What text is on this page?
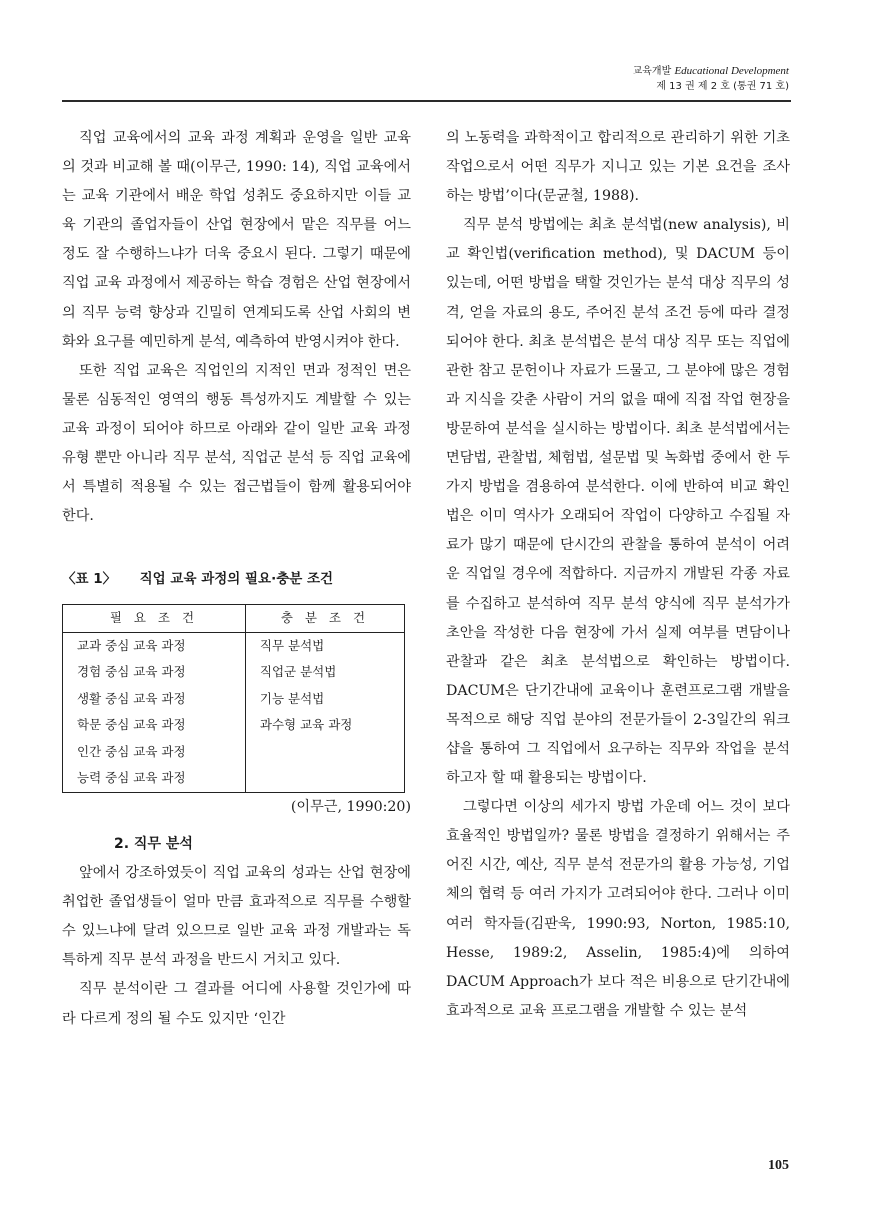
교육개발 Educational Development
제 13 권 제 2 호 (통권 71 호)

직업 교육에서의 교육 과정 계획과 운영을 일반 교육의 것과 비교해 볼 때(이무근, 1990: 14), 직업 교육에서는 교육 기관에서 배운 학업 성취도 중요하지만 이들 교육 기관의 졸업자들이 산업 현장에서 맡은 직무를 어느 정도 잘 수행하느냐가 더욱 중요시 된다. 그렇기 때문에 직업 교육 과정에서 제공하는 학습 경험은 산업 현장에서의 직무 능력 향상과 긴밀히 연계되도록 산업 사회의 변화와 요구를 예민하게 분석, 예측하여 반영시켜야 한다.

또한 직업 교육은 직업인의 지적인 면과 정적인 면은 물론 심동적인 영역의 행동 특성까지도 계발할 수 있는 교육 과정이 되어야 하므로 아래와 같이 일반 교육 과정 유형 뿐만 아니라 직무 분석, 직업군 분석 등 직업 교육에서 특별히 적용될 수 있는 접근법들이 함께 활용되어야 한다.

〈표 1〉     직업 교육 과정의 필요·충분 조건
필 요 조 건	충 분 조 건
교과 중심 교육 과정	직무 분석법
경험 중심 교육 과정	직업군 분석법
생활 중심 교육 과정	기능 분석법
학문 중심 교육 과정	과수형 교육 과정
인간 중심 교육 과정	
능력 중심 교육 과정	
(이무근, 1990:20)
2. 직무 분석

앞에서 강조하였듯이 직업 교육의 성과는 산업 현장에 취업한 졸업생들이 얼마 만큼 효과적으로 직무를 수행할 수 있느냐에 달려 있으므로 일반 교육 과정 개발과는 독특하게 직무 분석 과정을 반드시 거치고 있다.

직무 분석이란 그 결과를 어디에 사용할 것인가에 따라 다르게 정의 될 수도 있지만 ‘인간

의 노동력을 과학적이고 합리적으로 관리하기 위한 기초 작업으로서 어떤 직무가 지니고 있는 기본 요건을 조사하는 방법’이다(문균철, 1988).

직무 분석 방법에는 최초 분석법(new analysis), 비교 확인법(verification method), 및 DACUM 등이 있는데, 어떤 방법을 택할 것인가는 분석 대상 직무의 성격, 얻을 자료의 용도, 주어진 분석 조건 등에 따라 결정되어야 한다. 최초 분석법은 분석 대상 직무 또는 직업에 관한 참고 문헌이나 자료가 드물고, 그 분야에 많은 경험과 지식을 갖춘 사람이 거의 없을 때에 직접 작업 현장을 방문하여 분석을 실시하는 방법이다. 최초 분석법에서는 면담법, 관찰법, 체험법, 설문법 및 녹화법 중에서 한 두가지 방법을 겸용하여 분석한다. 이에 반하여 비교 확인법은 이미 역사가 오래되어 작업이 다양하고 수집될 자료가 많기 때문에 단시간의 관찰을 통하여 분석이 어려운 직업일 경우에 적합하다. 지금까지 개발된 각종 자료를 수집하고 분석하여 직무 분석 양식에 직무 분석가가 초안을 작성한 다음 현장에 가서 실제 여부를 면담이나 관찰과 같은 최초 분석법으로 확인하는 방법이다. DACUM은 단기간내에 교육이나 훈련프로그램 개발을 목적으로 해당 직업 분야의 전문가들이 2-3일간의 워크샵을 통하여 그 직업에서 요구하는 직무와 작업을 분석하고자 할 때 활용되는 방법이다.

그렇다면 이상의 세가지 방법 가운데 어느 것이 보다 효율적인 방법일까? 물론 방법을 결정하기 위해서는 주어진 시간, 예산, 직무 분석 전문가의 활용 가능성, 기업체의 협력 등 여러 가지가 고려되어야 한다. 그러나 이미 여러 학자들(김판욱, 1990:93, Norton, 1985:10, Hesse, 1989:2, Asselin, 1985:4)에 의하여 DACUM Approach가 보다 적은 비용으로 단기간내에 효과적으로 교육 프로그램을 개발할 수 있는 분석

105
